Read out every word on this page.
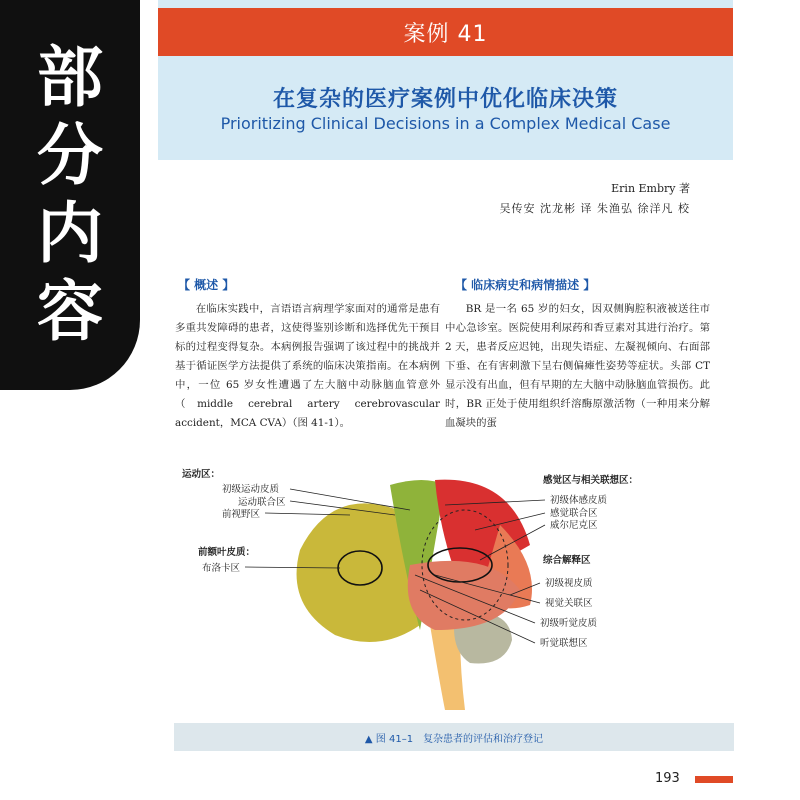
部
分
内
容
案例 41
在复杂的医疗案例中优化临床决策
Prioritizing Clinical Decisions in a Complex Medical Case
Erin Embry 著
吴传安 沈龙彬 译 朱渔弘 徐洋凡 校
【 概述 】	【 临床病史和病情描述 】
在临床实践中，言语语言病理学家面对的通常是患有多重共发障碍的患者，这使得鉴别诊断和选择优先干预目标的过程变得复杂。本病例报告强调了该过程中的挑战并基于循证医学方法提供了系统的临床决策指南。在本病例中，一位 65 岁女性遭遇了左大脑中动脉脑血管意外（middle cerebral artery cerebrovascular accident，MCA CVA）（图 41-1）。
BR 是一名 65 岁的妇女，因双侧胸腔积液被送往市中心急诊室。医院使用利尿药和香豆素对其进行治疗。第 2 天，患者反应迟钝，出现失语症、左凝视倾向、右面部下垂、在有害刺激下呈右侧偏瘫性姿势等症状。头部 CT 显示没有出血，但有早期的左大脑中动脉脑血管损伤。此时，BR 正处于使用组织纤溶酶原激活物（一种用来分解血凝块的蛋
运动区：
初级运动皮质
运动联合区
前视野区
前额叶皮质：
布洛卡区
感觉区与相关联想区：
初级体感皮质
感觉联合区
威尔尼克区
综合解释区
初级视皮质
视觉关联区
初级听觉皮质
听觉联想区
▲ 图 41–1 复杂患者的评估和治疗登记
193
